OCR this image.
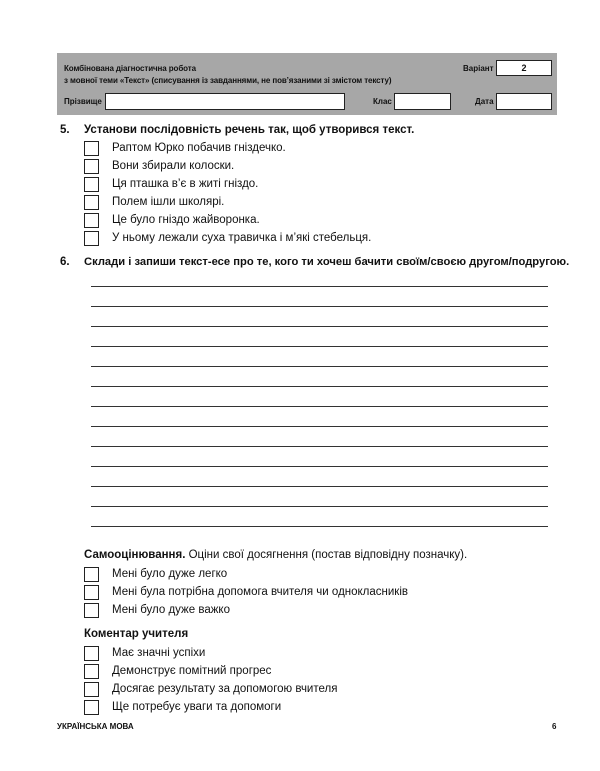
Комбінована діагностична робота
з мовної теми «Текст» (списування із завданнями, не пов’язаними зі змістом тексту)
Варіант	2
Прізвище	Клас	Дата
5. Установи послідовність речень так, щоб утворився текст.
Раптом Юрко побачив гніздечко.
Вони збирали колоски.
Ця пташка в’є в житі гніздо.
Полем ішли школярі.
Це було гніздо жайворонка.
У ньому лежали суха травичка і м’які стебельця.
6. Склади і запиши текст-есе про те, кого ти хочеш бачити своїм/своєю другом/подругою.
Самооцінювання. Оціни свої досягнення (постав відповідну позначку).
Мені було дуже легко
Мені була потрібна допомога вчителя чи однокласників
Мені було дуже важко
Коментар учителя
Має значні успіхи
Демонструє помітний прогрес
Досягає результату за допомогою вчителя
Ще потребує уваги та допомоги
УКРАЇНСЬКА МОВА	6
